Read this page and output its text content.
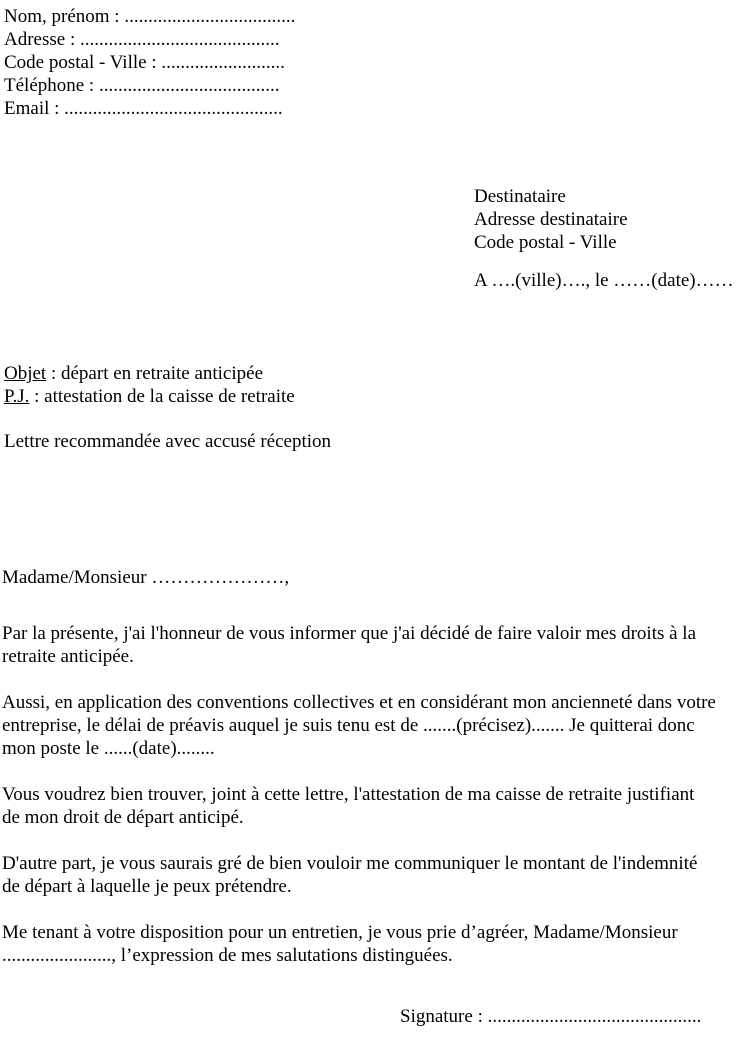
Nom, prénom : ....................................
Adresse : ..........................................
Code postal - Ville : ..........................
Téléphone : ......................................
Email : ..............................................
Destinataire
Adresse destinataire
Code postal - Ville
A ….(ville)…., le ……(date)……
Objet : départ en retraite anticipée
P.J. : attestation de la caisse de retraite
Lettre recommandée avec accusé réception
Madame/Monsieur …………………,
Par la présente, j'ai l'honneur de vous informer que j'ai décidé de faire valoir mes droits à la
retraite anticipée.
Aussi, en application des conventions collectives et en considérant mon ancienneté dans votre
entreprise, le délai de préavis auquel je suis tenu est de .......(précisez)....... Je quitterai donc
mon poste le ......(date)........
Vous voudrez bien trouver, joint à cette lettre, l'attestation de ma caisse de retraite justifiant
de mon droit de départ anticipé.
D'autre part, je vous saurais gré de bien vouloir me communiquer le montant de l'indemnité
de départ à laquelle je peux prétendre.
Me tenant à votre disposition pour un entretien, je vous prie d’agréer, Madame/Monsieur
......................., l’expression de mes salutations distinguées.
Signature : .............................................
